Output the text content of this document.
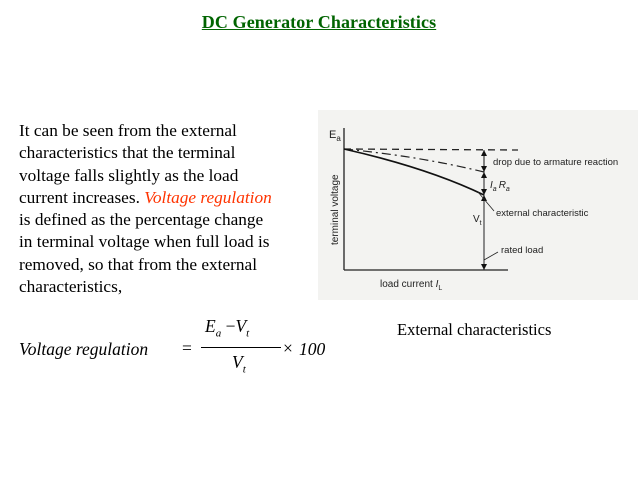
DC Generator Characteristics
It can be seen from the external
characteristics that the terminal
voltage falls slightly as the load
current increases. Voltage regulation
is defined as the percentage change
in terminal voltage when full load is
removed, so that from the external
characteristics,
Voltage regulation =
$E_a -V_t$
$V_t$
× 100
$E_a$
$V_t$
terminal voltage
load current $I_L$
drop due to armature reaction
$I_a$ $R_a$
external characteristic
rated load
External characteristics
